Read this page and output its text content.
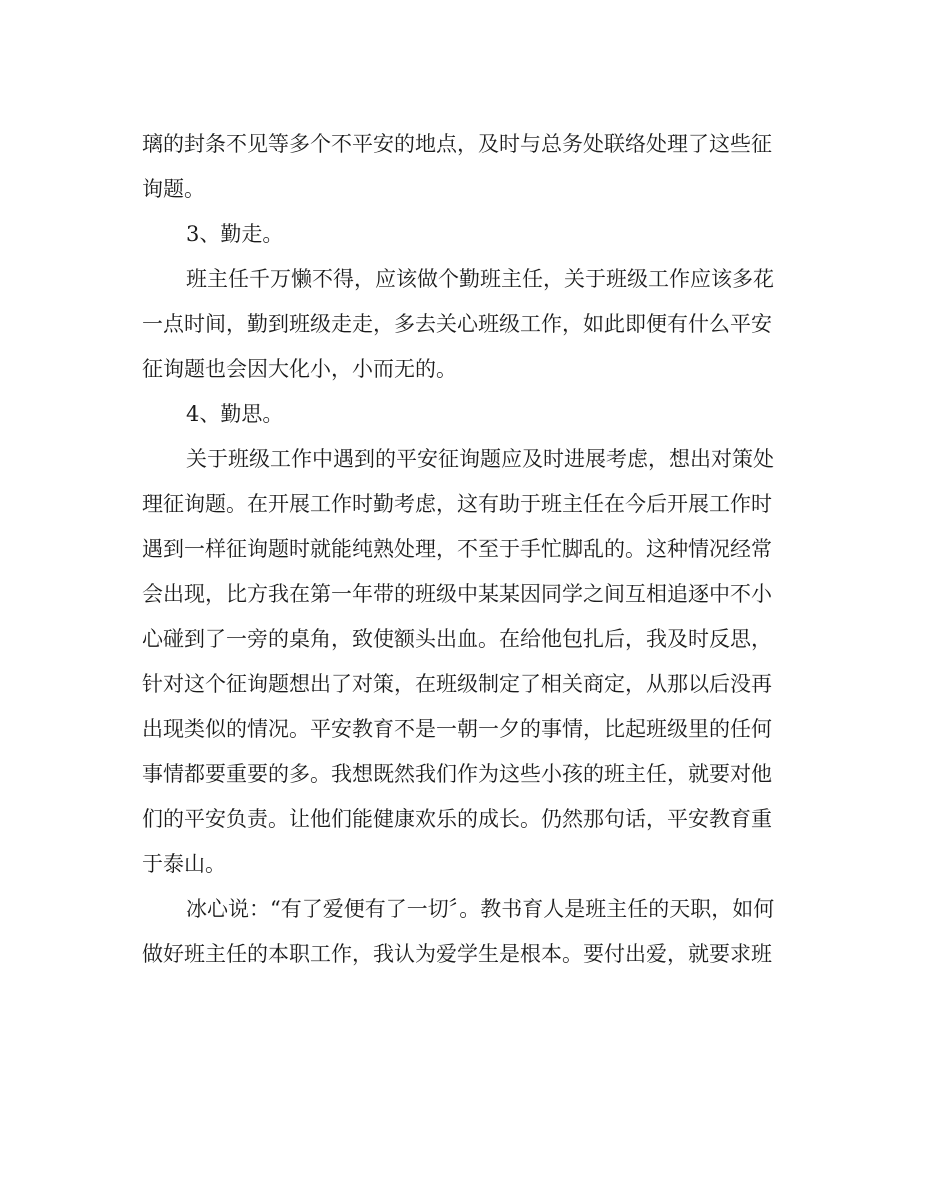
璃的封条不见等多个不平安的地点，及时与总务处联络处理了这些征
询题。
3、勤走。
班主任千万懒不得，应该做个勤班主任，关于班级工作应该多花
一点时间，勤到班级走走，多去关心班级工作，如此即便有什么平安
征询题也会因大化小，小而无的。
4、勤思。
关于班级工作中遇到的平安征询题应及时进展考虑，想出对策处
理征询题。在开展工作时勤考虑，这有助于班主任在今后开展工作时
遇到一样征询题时就能纯熟处理，不至于手忙脚乱的。这种情况经常
会出现，比方我在第一年带的班级中某某因同学之间互相追逐中不小
心碰到了一旁的桌角，致使额头出血。在给他包扎后，我及时反思，
针对这个征询题想出了对策，在班级制定了相关商定，从那以后没再
出现类似的情况。平安教育不是一朝一夕的事情，比起班级里的任何
事情都要重要的多。我想既然我们作为这些小孩的班主任，就要对他
们的平安负责。让他们能健康欢乐的成长。仍然那句话，平安教育重
于泰山。
冰心说：“有了爱便有了一切〞。教书育人是班主任的天职，如何
做好班主任的本职工作，我认为爱学生是根本。要付出爱，就要求班
